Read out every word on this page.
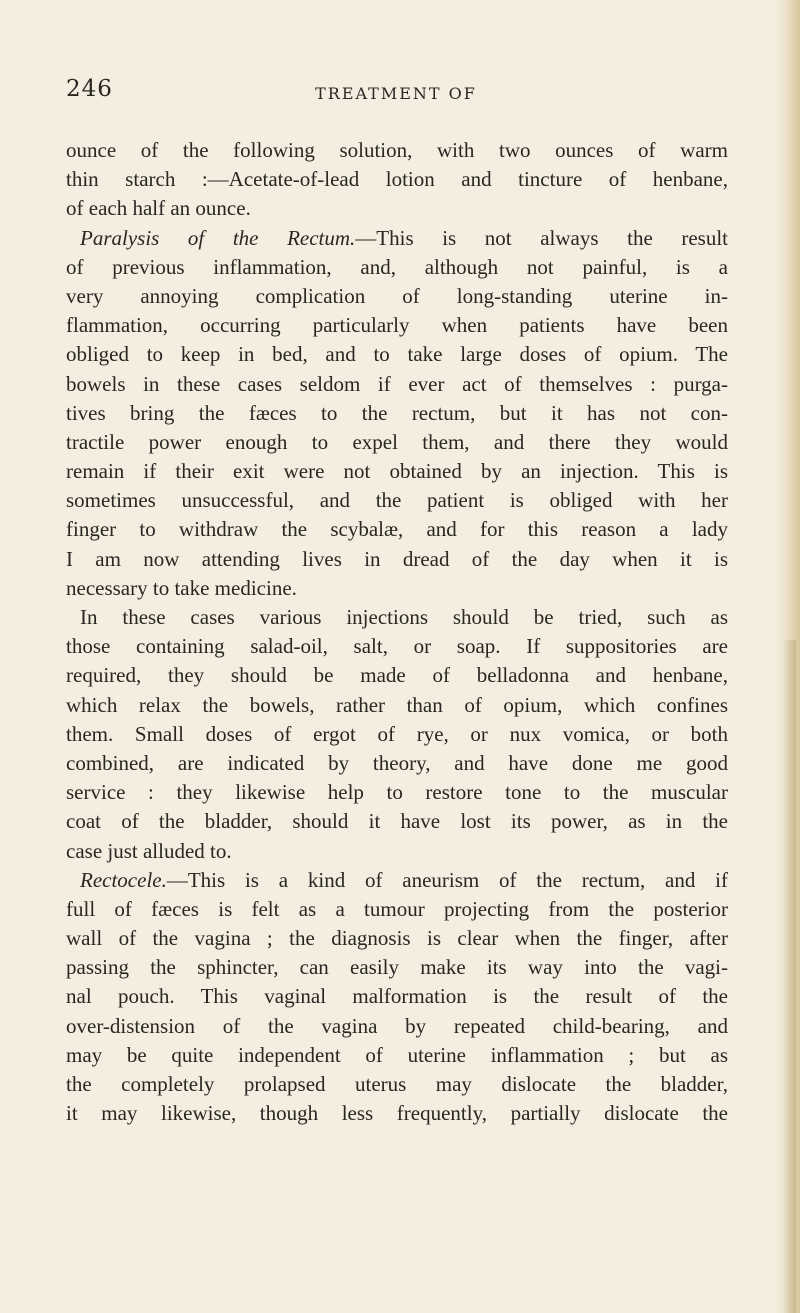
246	TREATMENT OF
ounce of the following solution, with two ounces of warm
thin starch :—Acetate-of-lead lotion and tincture of henbane,
of each half an ounce.
Paralysis of the Rectum.—This is not always the result
of previous inflammation, and, although not painful, is a
very annoying complication of long-standing uterine in-
flammation, occurring particularly when patients have been
obliged to keep in bed, and to take large doses of opium. The
bowels in these cases seldom if ever act of themselves : purga-
tives bring the fæces to the rectum, but it has not con-
tractile power enough to expel them, and there they would
remain if their exit were not obtained by an injection. This is
sometimes unsuccessful, and the patient is obliged with her
finger to withdraw the scybalæ, and for this reason a lady
I am now attending lives in dread of the day when it is
necessary to take medicine.
In these cases various injections should be tried, such as
those containing salad-oil, salt, or soap. If suppositories are
required, they should be made of belladonna and henbane,
which relax the bowels, rather than of opium, which confines
them. Small doses of ergot of rye, or nux vomica, or both
combined, are indicated by theory, and have done me good
service : they likewise help to restore tone to the muscular
coat of the bladder, should it have lost its power, as in the
case just alluded to.
Rectocele.—This is a kind of aneurism of the rectum, and if
full of fæces is felt as a tumour projecting from the posterior
wall of the vagina ; the diagnosis is clear when the finger, after
passing the sphincter, can easily make its way into the vagi-
nal pouch. This vaginal malformation is the result of the
over-distension of the vagina by repeated child-bearing, and
may be quite independent of uterine inflammation ; but as
the completely prolapsed uterus may dislocate the bladder,
it may likewise, though less frequently, partially dislocate the
